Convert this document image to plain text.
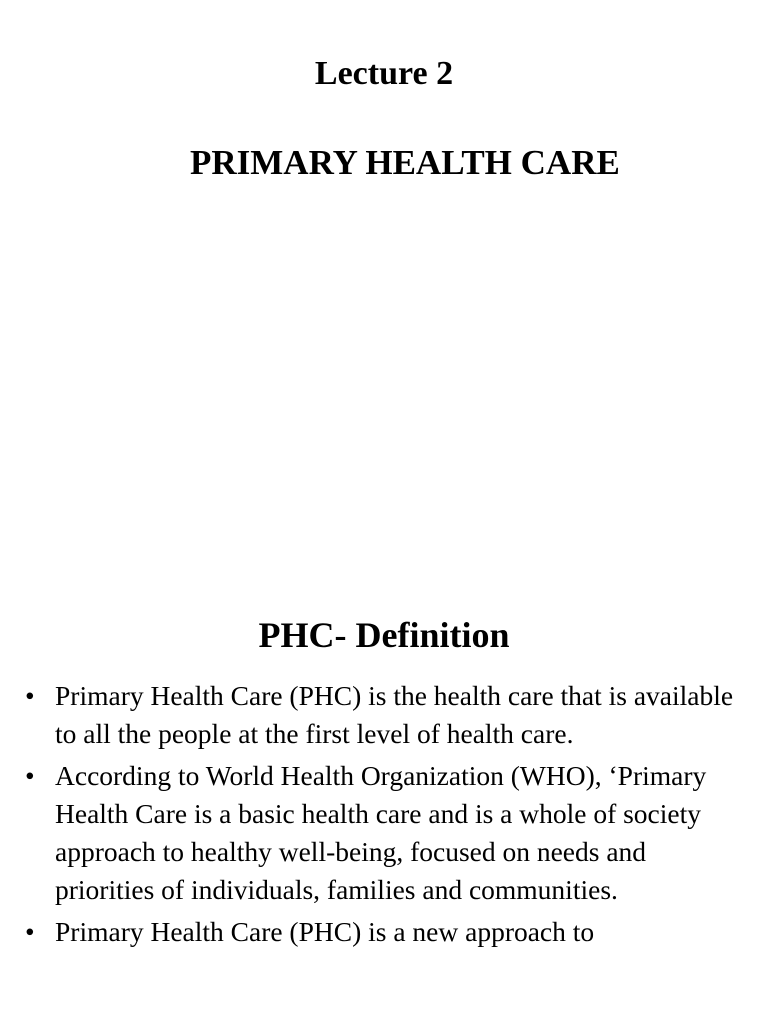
Lecture 2
PRIMARY HEALTH CARE
PHC- Definition
• Primary Health Care (PHC) is the health care that is available to all the people at the first level of health care.
• According to World Health Organization (WHO), ‘Primary Health Care is a basic health care and is a whole of society approach to healthy well-being, focused on needs and priorities of individuals, families and communities.
• Primary Health Care (PHC) is a new approach to
